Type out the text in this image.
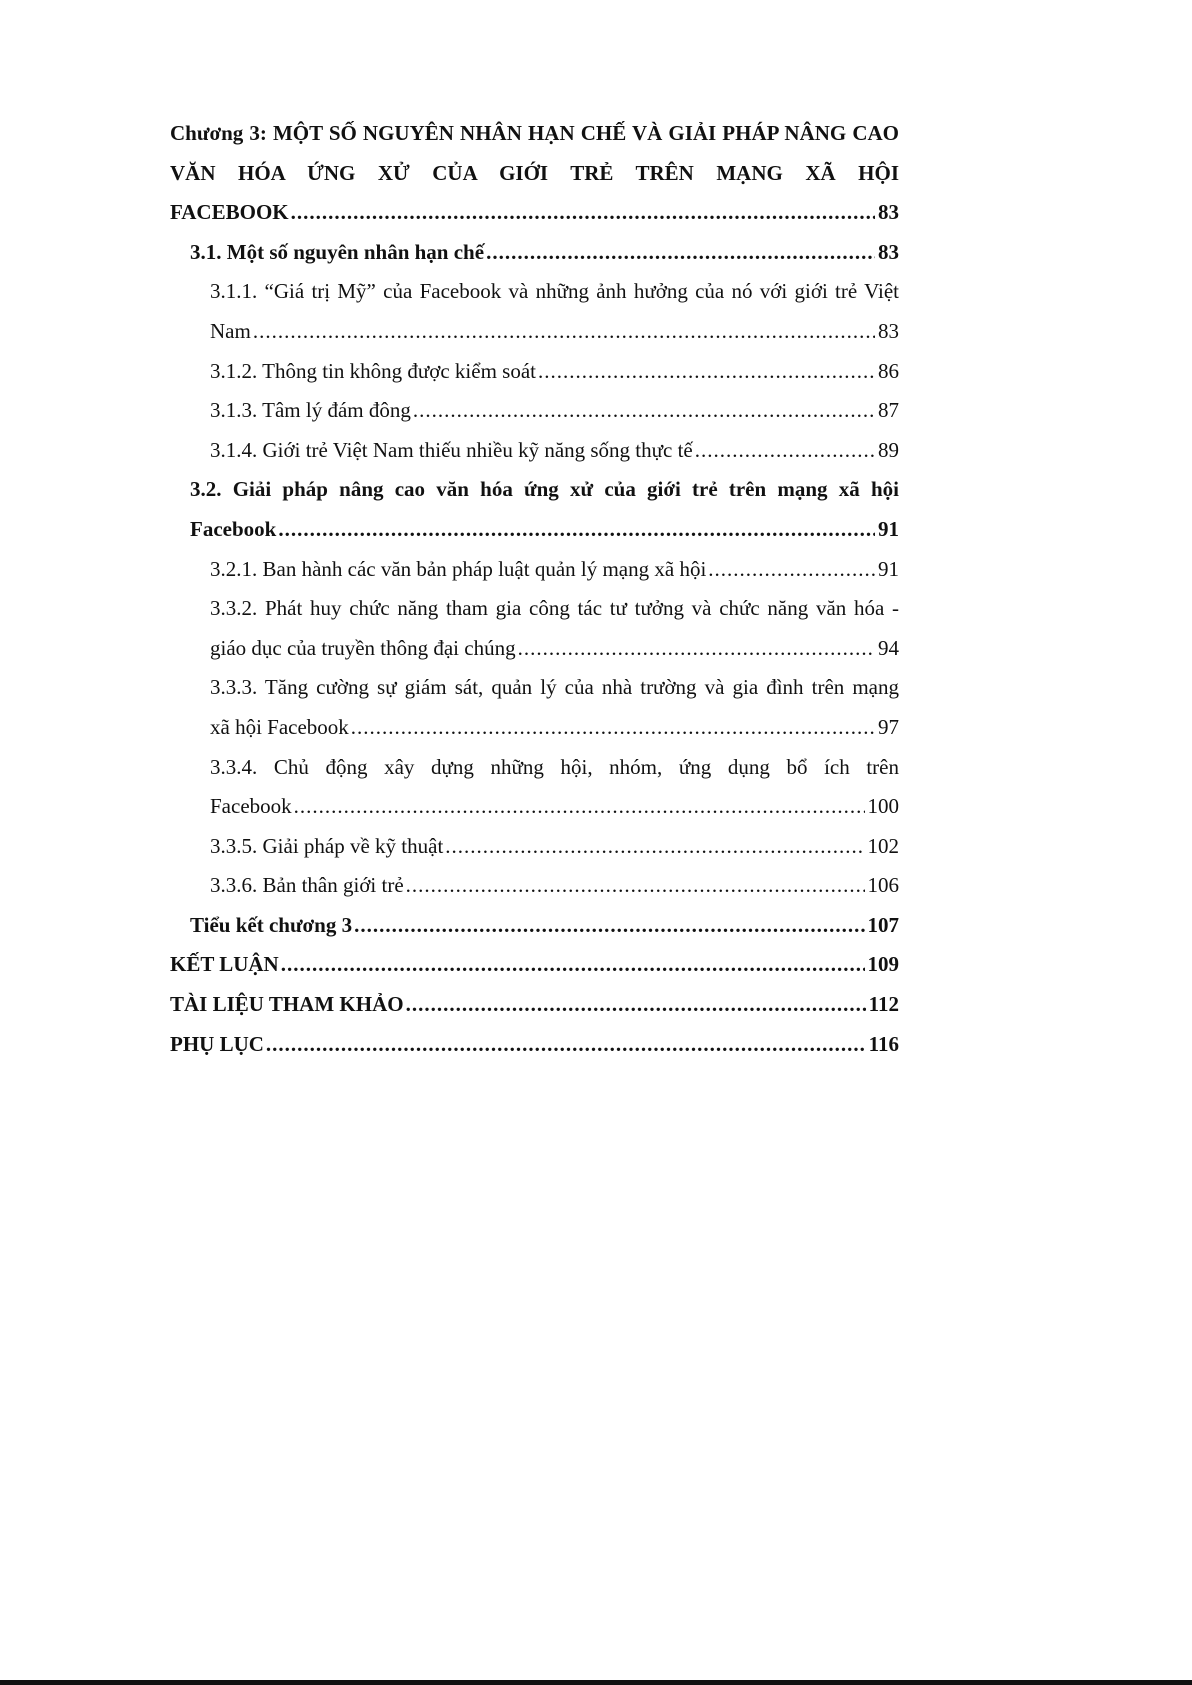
Chương 3: MỘT SỐ NGUYÊN NHÂN HẠN CHẾ VÀ GIẢI PHÁP NÂNG CAO VĂN HÓA ỨNG XỬ CỦA GIỚI TRẺ TRÊN MẠNG XÃ HỘI
FACEBOOK .....	83
3.1. Một số nguyên nhân hạn chế .....	83
3.1.1. “Giá trị Mỹ” của Facebook và những ảnh hưởng của nó với giới trẻ Việt
Nam .....	83
3.1.2. Thông tin không được kiểm soát .....	86
3.1.3. Tâm lý đám đông .....	87
3.1.4. Giới trẻ Việt Nam thiếu nhiều kỹ năng sống thực tế .....	89
3.2. Giải pháp nâng cao văn hóa ứng xử của giới trẻ trên mạng xã hội
Facebook .....	91
3.2.1. Ban hành các văn bản pháp luật quản lý mạng xã hội .....	91
3.3.2. Phát huy chức năng tham gia công tác tư tưởng và chức năng văn hóa -
giáo dục của truyền thông đại chúng .....	94
3.3.3. Tăng cường sự giám sát, quản lý của nhà trường và gia đình trên mạng
xã hội Facebook .....	97
3.3.4. Chủ động xây dựng những hội, nhóm, ứng dụng bổ ích trên
Facebook .....	100
3.3.5. Giải pháp về kỹ thuật .....	102
3.3.6. Bản thân giới trẻ .....	106
Tiểu kết chương 3 .....	107
KẾT LUẬN .....	109
TÀI LIỆU THAM KHẢO .....	112
PHỤ LỤC .....	116
